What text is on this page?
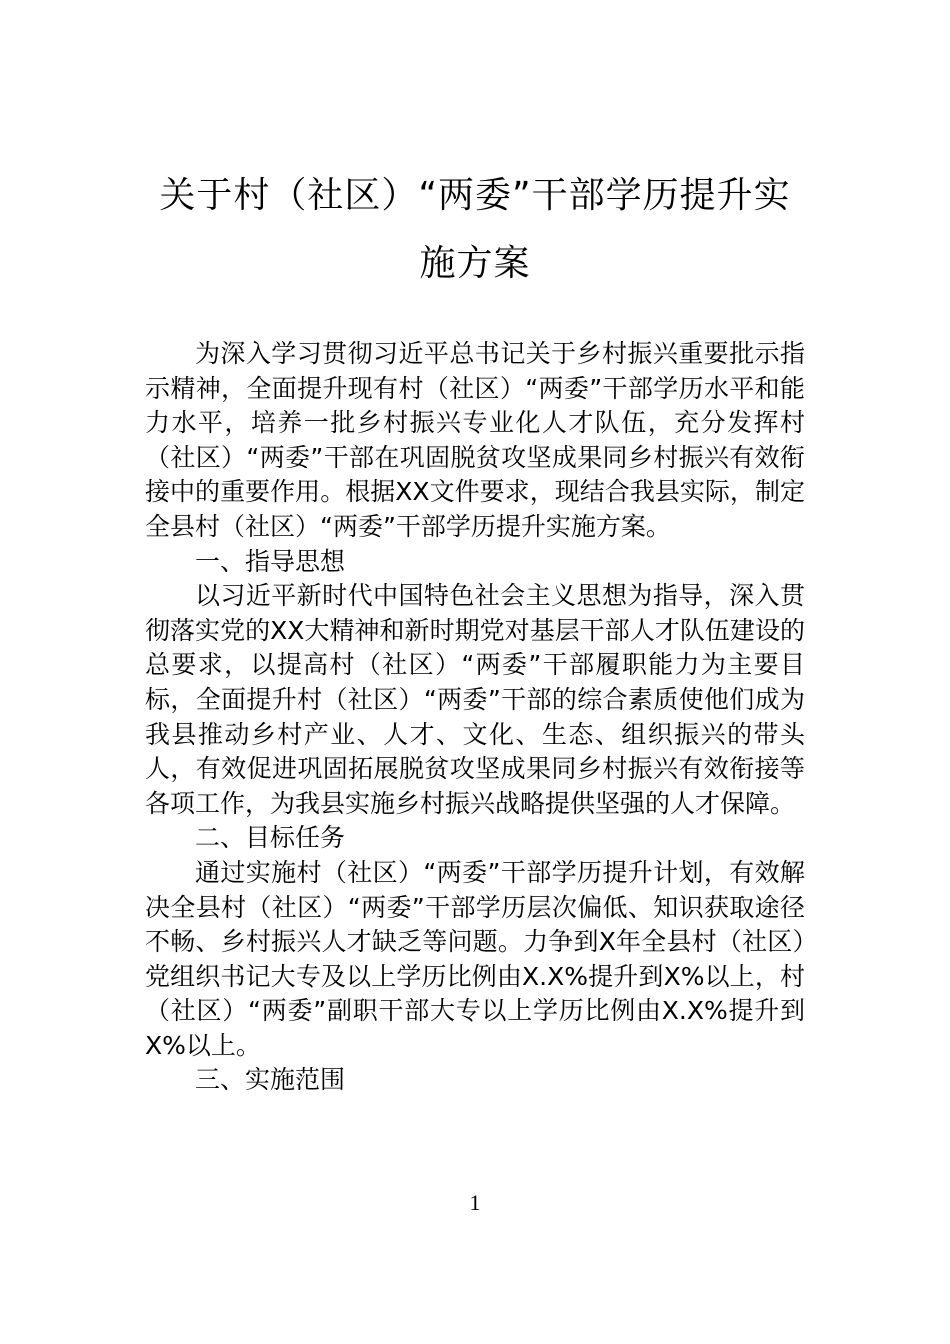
关于村（社区）“两委”干部学历提升实
施方案

为深入学习贯彻习近平总书记关于乡村振兴重要批示指示精神，全面提升现有村（社区）“两委”干部学历水平和能力水平，培养一批乡村振兴专业化人才队伍，充分发挥村（社区）“两委”干部在巩固脱贫攻坚成果同乡村振兴有效衔接中的重要作用。根据XX文件要求，现结合我县实际，制定全县村（社区）“两委”干部学历提升实施方案。

一、指导思想

以习近平新时代中国特色社会主义思想为指导，深入贯彻落实党的XX大精神和新时期党对基层干部人才队伍建设的总要求，以提高村（社区）“两委”干部履职能力为主要目标，全面提升村（社区）“两委”干部的综合素质使他们成为我县推动乡村产业、人才、文化、生态、组织振兴的带头人，有效促进巩固拓展脱贫攻坚成果同乡村振兴有效衔接等各项工作，为我县实施乡村振兴战略提供坚强的人才保障。

二、目标任务

通过实施村（社区）“两委”干部学历提升计划，有效解决全县村（社区）“两委”干部学历层次偏低、知识获取途径不畅、乡村振兴人才缺乏等问题。力争到X年全县村（社区）党组织书记大专及以上学历比例由X.X%提升到X%以上，村（社区）“两委”副职干部大专以上学历比例由X.X%提升到X%以上。

三、实施范围

1
